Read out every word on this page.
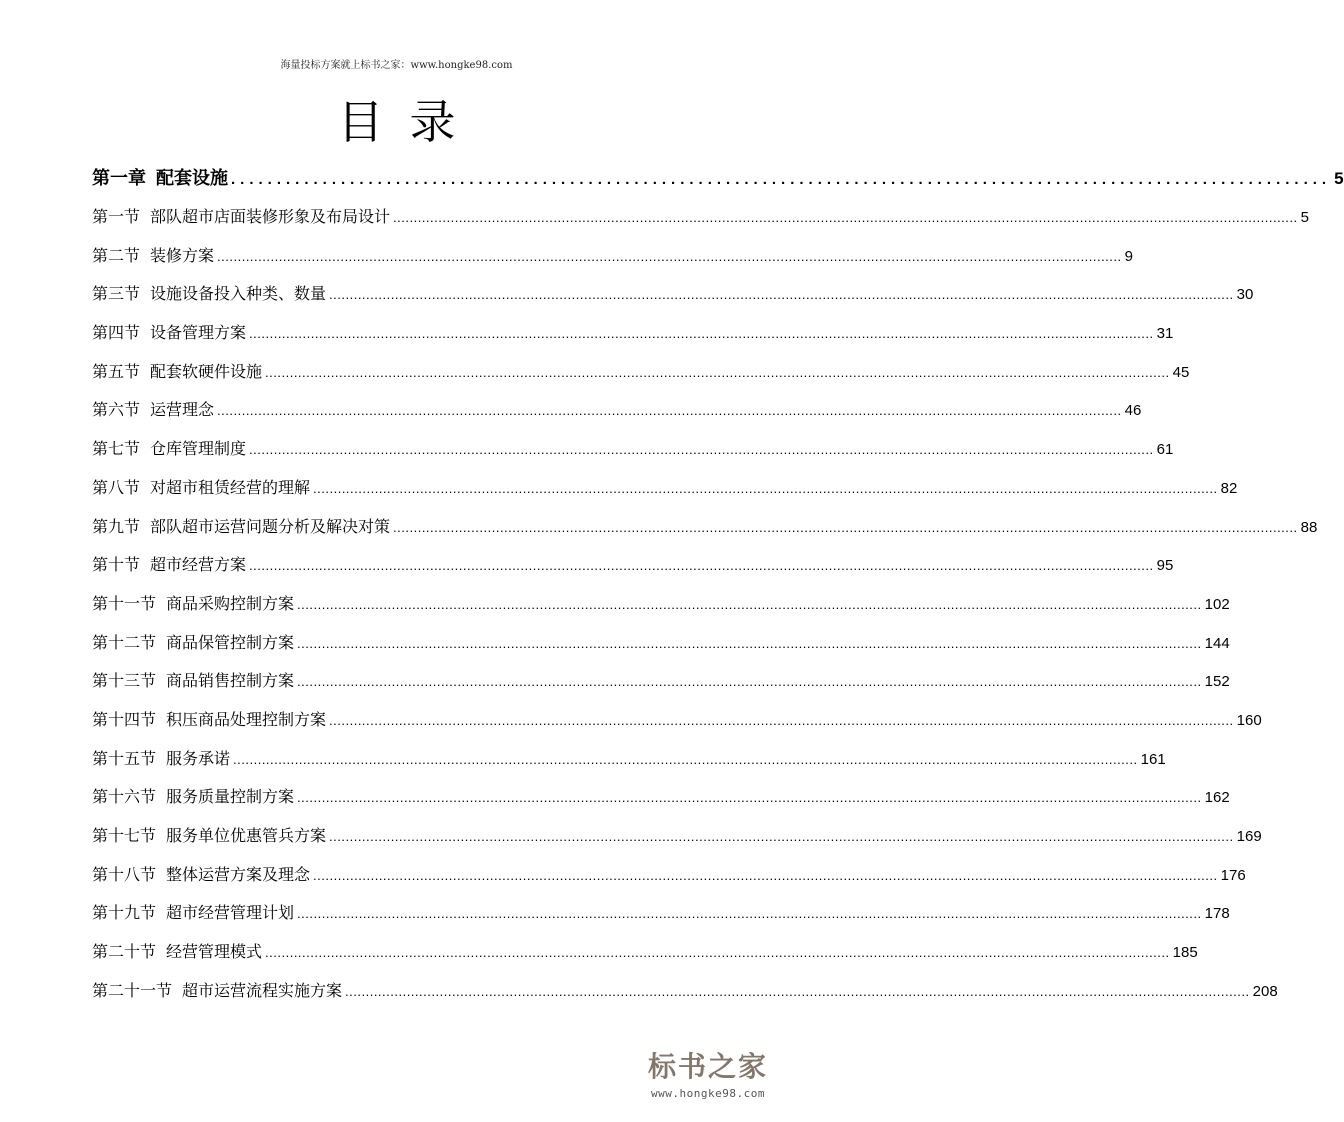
海量投标方案就上标书之家：www.hongke98.com
目录
第一章 配套设施 ........................................................................................................................ 5
第一节 部队超市店面装修形象及布局设计 ............................................................................................................................................................................................................................ 5
第二节 装修方案 ............................................................................................................................................................................................................................ 9
第三节 设施设备投入种类、数量 ............................................................................................................................................................................................................................ 30
第四节 设备管理方案 ............................................................................................................................................................................................................................ 31
第五节 配套软硬件设施 ............................................................................................................................................................................................................................ 45
第六节 运营理念 ............................................................................................................................................................................................................................ 46
第七节 仓库管理制度 ............................................................................................................................................................................................................................ 61
第八节 对超市租赁经营的理解 ............................................................................................................................................................................................................................ 82
第九节 部队超市运营问题分析及解决对策 ............................................................................................................................................................................................................................ 88
第十节 超市经营方案 ............................................................................................................................................................................................................................ 95
第十一节 商品采购控制方案 ............................................................................................................................................................................................................................ 102
第十二节 商品保管控制方案 ............................................................................................................................................................................................................................ 144
第十三节 商品销售控制方案 ............................................................................................................................................................................................................................ 152
第十四节 积压商品处理控制方案 ............................................................................................................................................................................................................................ 160
第十五节 服务承诺 ............................................................................................................................................................................................................................ 161
第十六节 服务质量控制方案 ............................................................................................................................................................................................................................ 162
第十七节 服务单位优惠管兵方案 ............................................................................................................................................................................................................................ 169
第十八节 整体运营方案及理念 ............................................................................................................................................................................................................................ 176
第十九节 超市经营管理计划 ............................................................................................................................................................................................................................ 178
第二十节 经营管理模式 ............................................................................................................................................................................................................................ 185
第二十一节 超市运营流程实施方案 ............................................................................................................................................................................................................................ 208
标书之家
www.hongke98.com
